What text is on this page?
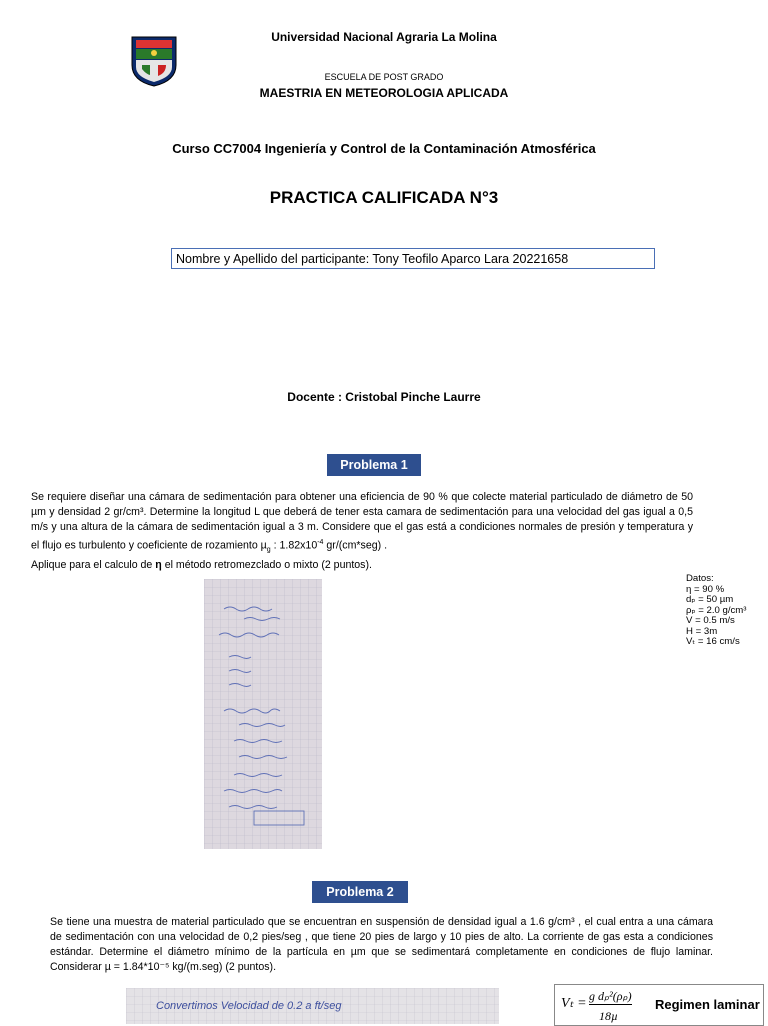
Universidad Nacional Agraria La Molina
ESCUELA DE POST GRADO
MAESTRIA EN METEOROLOGIA APLICADA
Curso CC7004 Ingeniería y Control de la Contaminación Atmosférica
PRACTICA CALIFICADA N°3
Nombre y Apellido del participante: Tony Teofilo Aparco Lara 20221658
Docente : Cristobal Pinche Laurre
Problema 1
Se requiere diseñar una cámara de sedimentación para obtener una eficiencia de 90 % que colecte material particulado de diámetro de 50 µm y densidad 2 gr/cm³. Determine la longitud L que deberá de tener esta camara de sedimentación para una velocidad del gas igual a 0,5 m/s y una altura de la cámara de sedimentación igual a 3 m. Considere que el gas está a condiciones normales de presión y temperatura y el flujo es turbulento y coeficiente de rozamiento µ$_g$ : $1.82x10^{-4}$ gr/(cm*seg) .
Aplique para el calculo de η el método retromezclado o mixto (2 puntos).
Datos:
η = 90 %
dₚ = 50 µm
ρₚ = 2.0 g/cm³
V = 0.5 m/s
H = 3m
Vₜ = 16 cm/s
Problema 2
Se tiene una muestra de material particulado que se encuentran en suspensión de densidad igual a 1.6 g/cm³ , el cual entra a una cámara de sedimentación con una velocidad de 0,2 pies/seg , que tiene 20 pies de largo y 10 pies de alto. La corriente de gas esta a condiciones estándar. Determine el diámetro mínimo de la partícula en µm que se sedimentará completamente en condiciones de flujo laminar. Considerar µ = 1.84*10⁻⁵ kg/(m.seg) (2 puntos).
Convertimos Velocidad de 0.2 a ft/seg	Vₜ = g dₚ²(ρₚ)
18µ
Regimen laminar
